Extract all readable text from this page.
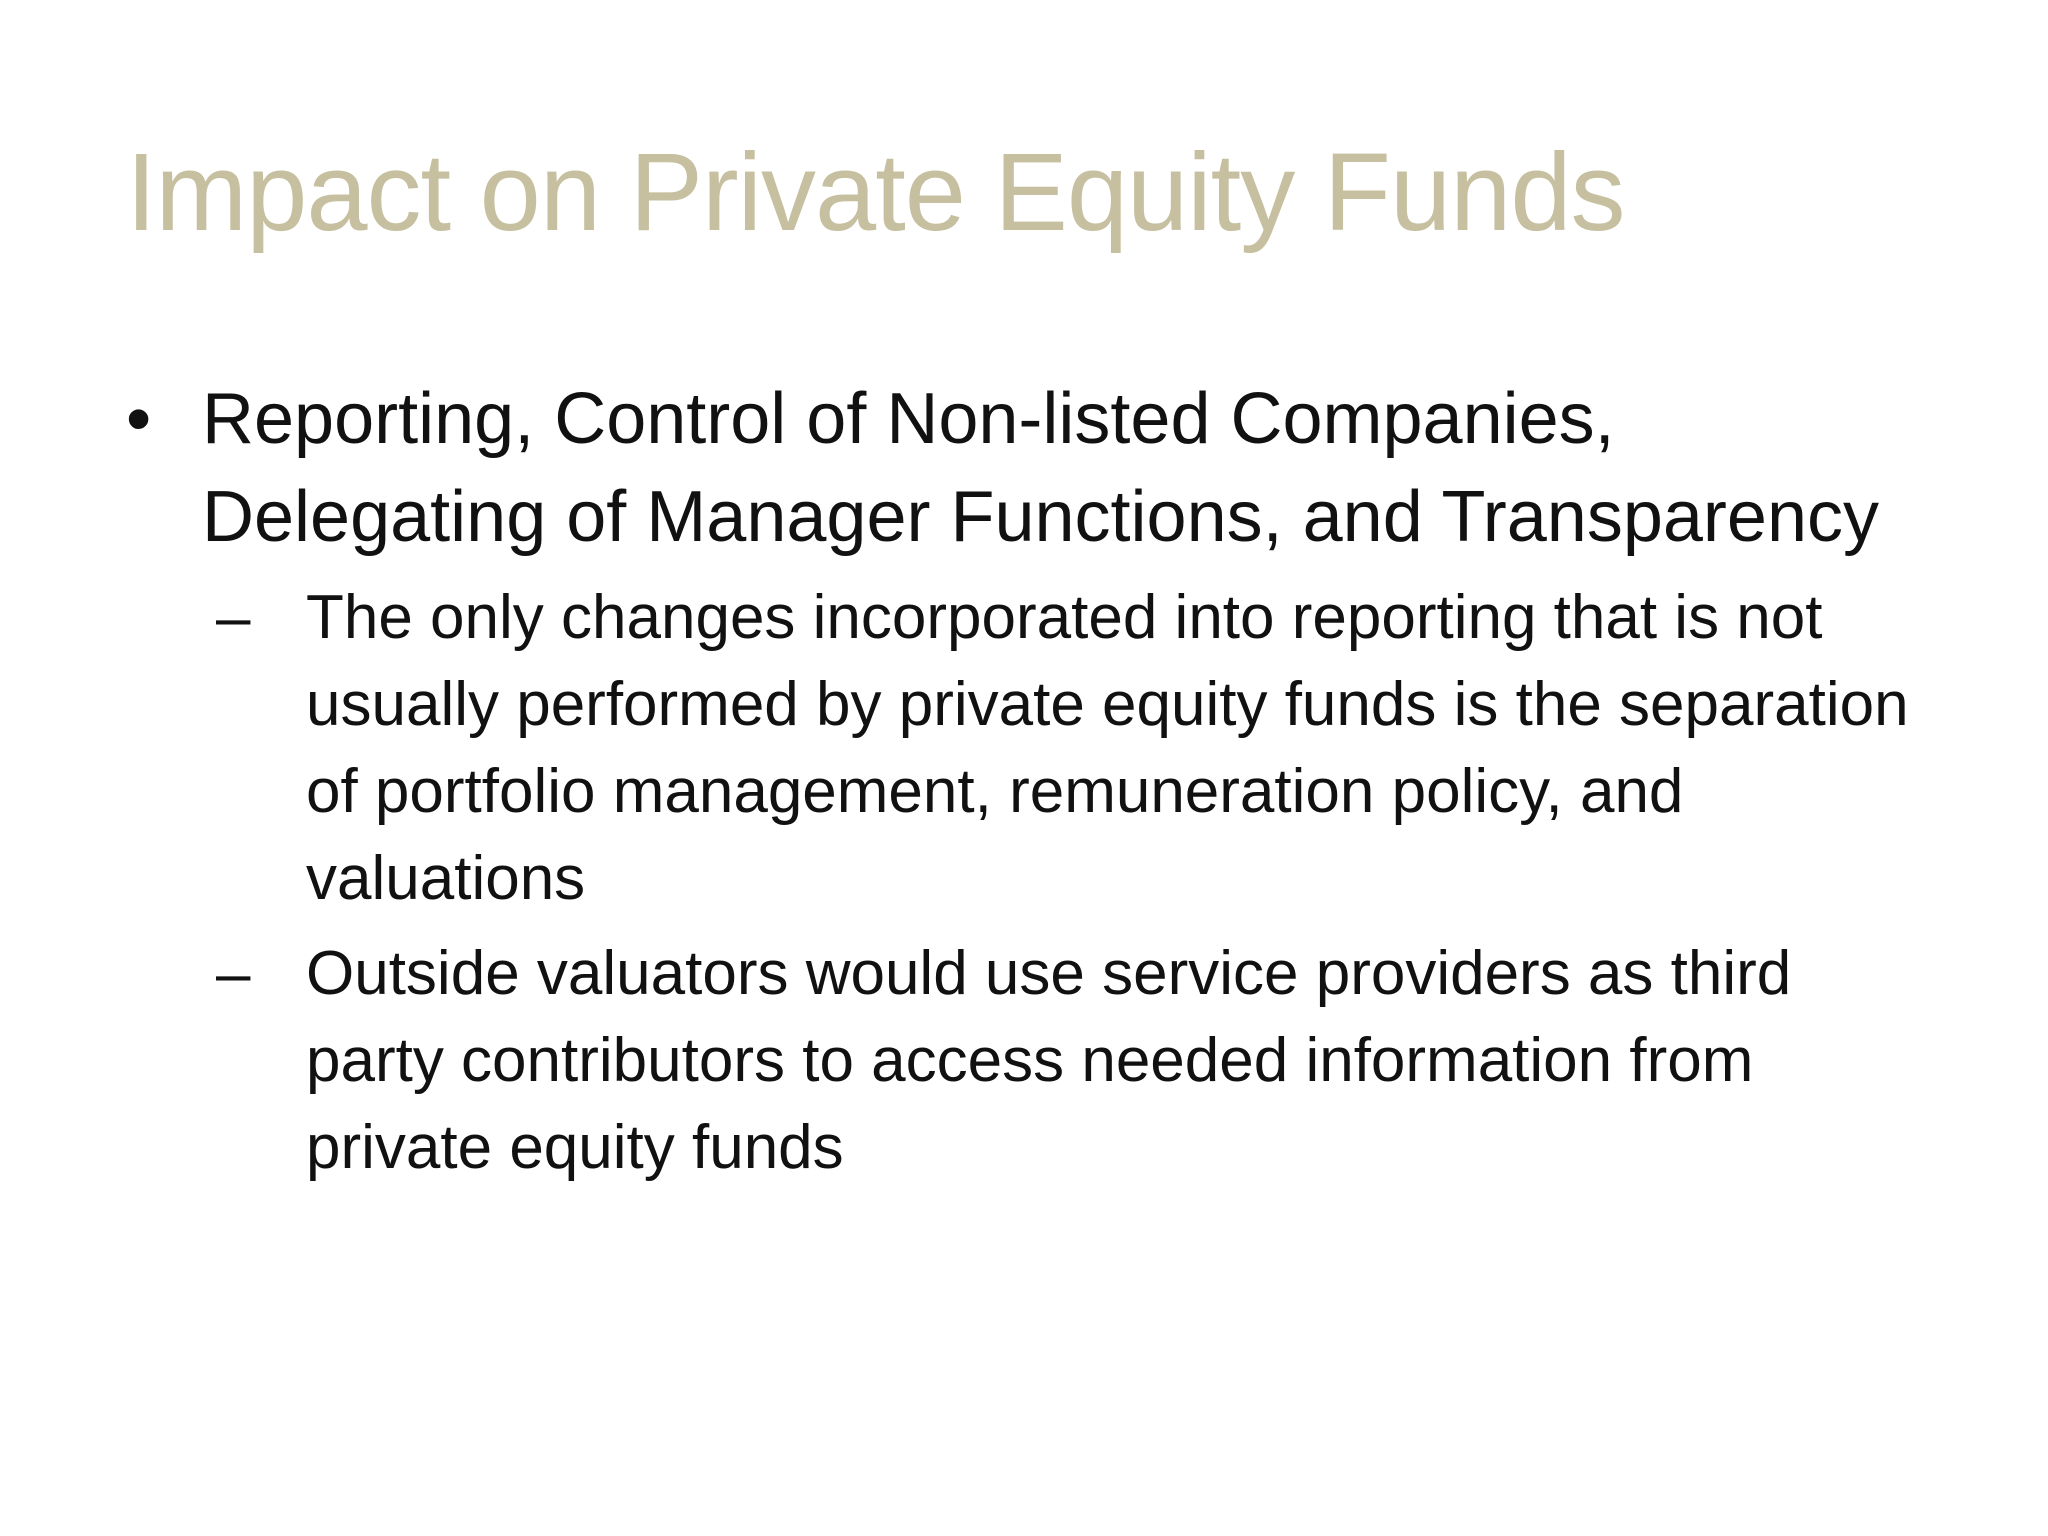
Impact on Private Equity Funds
• Reporting, Control of Non-listed Companies, Delegating of Manager Functions, and Transparency
– The only changes incorporated into reporting that is not usually performed by private equity funds is the separation of portfolio management, remuneration policy, and valuations
– Outside valuators would use service providers as third party contributors to access needed information from private equity funds
